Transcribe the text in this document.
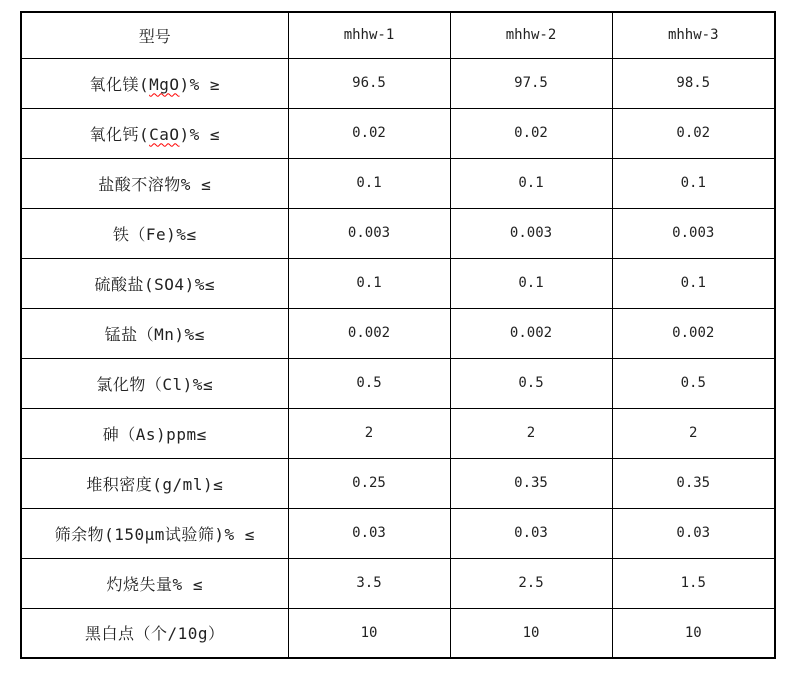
型号	mhhw-1	mhhw-2	mhhw-3
氧化镁(MgO)% ≥	96.5	97.5	98.5
氧化钙(CaO)% ≤	0.02	0.02	0.02
盐酸不溶物% ≤	0.1	0.1	0.1
铁（Fe)%≤	0.003	0.003	0.003
硫酸盐(SO4)%≤	0.1	0.1	0.1
锰盐（Mn)%≤	0.002	0.002	0.002
氯化物（Cl)%≤	0.5	0.5	0.5
砷（As)ppm≤	2	2	2
堆积密度(g/ml)≤	0.25	0.35	0.35
筛余物(150μm试验筛)% ≤	0.03	0.03	0.03
灼烧失量% ≤	3.5	2.5	1.5
黑白点（个/10g）	10	10	10
